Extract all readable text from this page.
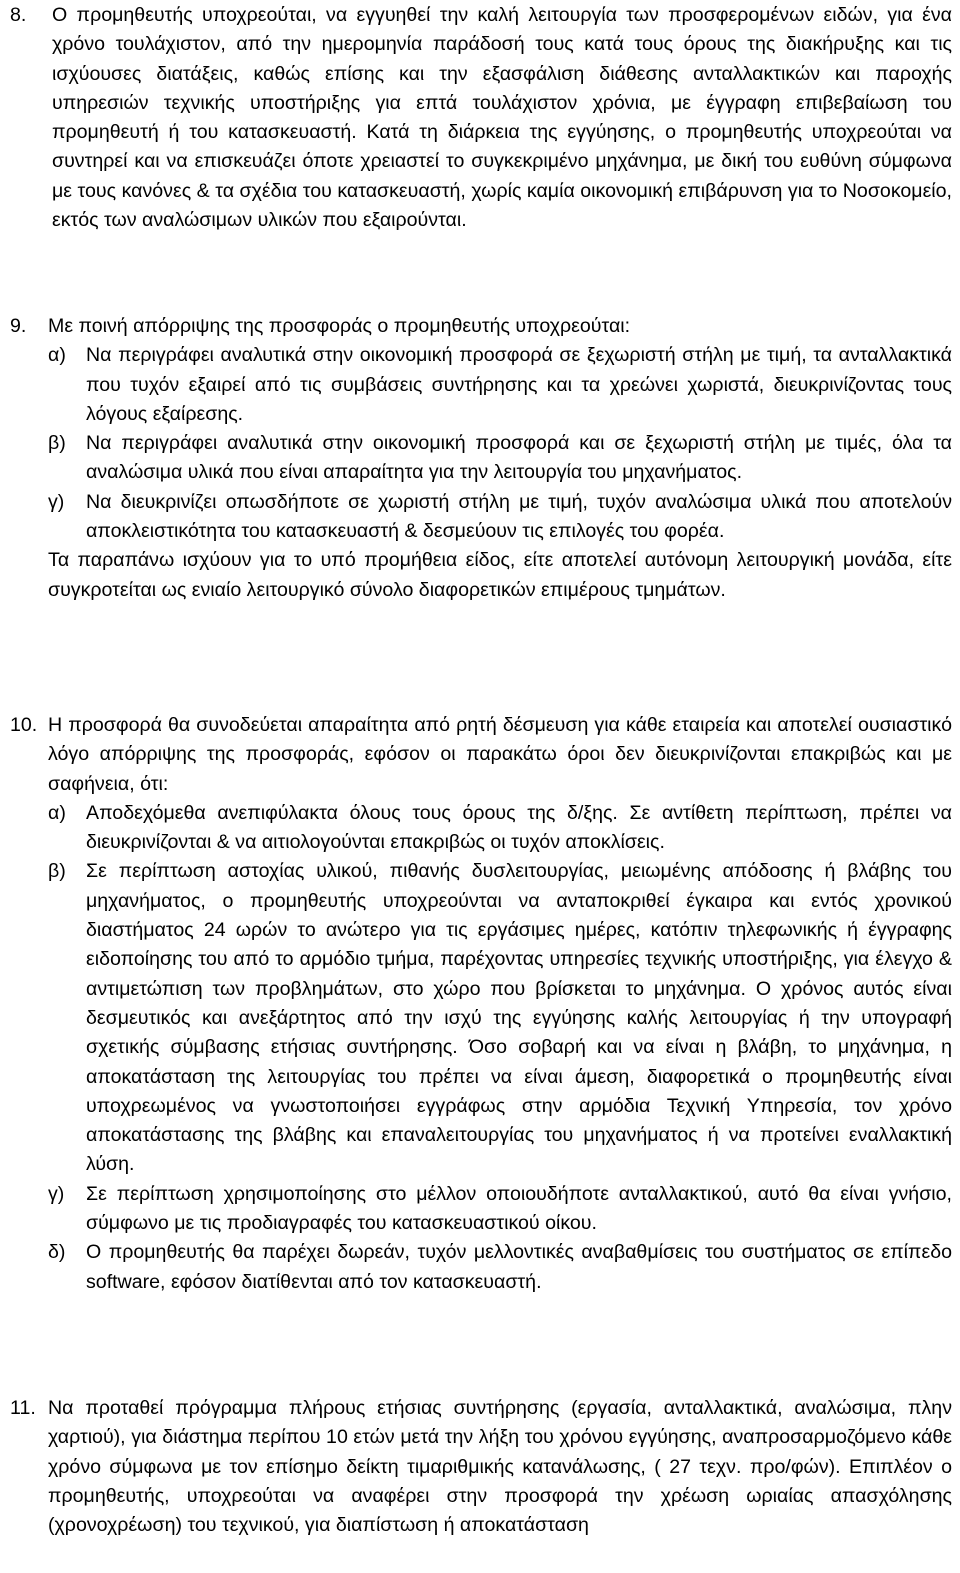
8. Ο προμηθευτής υποχρεούται, να εγγυηθεί την καλή λειτουργία των προσφερομένων ειδών, για ένα χρόνο τουλάχιστον, από την ημερομηνία παράδοσή τους κατά τους όρους της διακήρυξης και τις ισχύουσες διατάξεις, καθώς επίσης και την εξασφάλιση διάθεσης ανταλλακτικών και παροχής υπηρεσιών τεχνικής υποστήριξης για επτά τουλάχιστον χρόνια, με έγγραφη επιβεβαίωση του προμηθευτή ή του κατασκευαστή. Κατά τη διάρκεια της εγγύησης, ο προμηθευτής υποχρεούται να συντηρεί και να επισκευάζει όποτε χρειαστεί το συγκεκριμένο μηχάνημα, με δική του ευθύνη σύμφωνα με τους κανόνες & τα σχέδια του κατασκευαστή, χωρίς καμία οικονομική επιβάρυνση για το Νοσοκομείο, εκτός των αναλώσιμων υλικών που εξαιρούνται.

9. Με ποινή απόρριψης της προσφοράς ο προμηθευτής υποχρεούται:

α) Να περιγράφει αναλυτικά στην οικονομική προσφορά σε ξεχωριστή στήλη με τιμή, τα ανταλλακτικά που τυχόν εξαιρεί από τις συμβάσεις συντήρησης και τα χρεώνει χωριστά, διευκρινίζοντας τους λόγους εξαίρεσης.

β) Να περιγράφει αναλυτικά στην οικονομική προσφορά και σε ξεχωριστή στήλη με τιμές, όλα τα αναλώσιμα υλικά που είναι απαραίτητα για την λειτουργία του μηχανήματος.

γ) Να διευκρινίζει οπωσδήποτε σε χωριστή στήλη με τιμή, τυχόν αναλώσιμα υλικά που αποτελούν αποκλειστικότητα του κατασκευαστή & δεσμεύουν τις επιλογές του φορέα.

Τα παραπάνω ισχύουν για το υπό προμήθεια είδος, είτε αποτελεί αυτόνομη λειτουργική μονάδα, είτε συγκροτείται ως ενιαίο λειτουργικό σύνολο διαφορετικών επιμέρους τμημάτων.

10. Η προσφορά θα συνοδεύεται απαραίτητα από ρητή δέσμευση για κάθε εταιρεία και αποτελεί ουσιαστικό λόγο απόρριψης της προσφοράς, εφόσον οι παρακάτω όροι δεν διευκρινίζονται επακριβώς και με σαφήνεια, ότι:

α) Αποδεχόμεθα ανεπιφύλακτα όλους τους όρους της δ/ξης. Σε αντίθετη περίπτωση, πρέπει να διευκρινίζονται & να αιτιολογούνται επακριβώς οι τυχόν αποκλίσεις.

β) Σε περίπτωση αστοχίας υλικού, πιθανής δυσλειτουργίας, μειωμένης απόδοσης ή βλάβης του μηχανήματος, ο προμηθευτής υποχρεούνται να ανταποκριθεί έγκαιρα και εντός χρονικού διαστήματος 24 ωρών το ανώτερο για τις εργάσιμες ημέρες, κατόπιν τηλεφωνικής ή έγγραφης ειδοποίησης του από το αρμόδιο τμήμα, παρέχοντας υπηρεσίες τεχνικής υποστήριξης, για έλεγχο & αντιμετώπιση των προβλημάτων, στο χώρο που βρίσκεται το μηχάνημα. Ο χρόνος αυτός είναι δεσμευτικός και ανεξάρτητος από την ισχύ της εγγύησης καλής λειτουργίας ή την υπογραφή σχετικής σύμβασης ετήσιας συντήρησης. Όσο σοβαρή και να είναι η βλάβη, το μηχάνημα, η αποκατάσταση της λειτουργίας του πρέπει να είναι άμεση, διαφορετικά ο προμηθευτής είναι υποχρεωμένος να γνωστοποιήσει εγγράφως στην αρμόδια Τεχνική Υπηρεσία, τον χρόνο αποκατάστασης της βλάβης και επαναλειτουργίας του μηχανήματος ή να προτείνει εναλλακτική λύση.

γ) Σε περίπτωση χρησιμοποίησης στο μέλλον οποιουδήποτε ανταλλακτικού, αυτό θα είναι γνήσιο, σύμφωνο με τις προδιαγραφές του κατασκευαστικού οίκου.

δ) Ο προμηθευτής θα παρέχει δωρεάν, τυχόν μελλοντικές αναβαθμίσεις του συστήματος σε επίπεδο software, εφόσον διατίθενται από τον κατασκευαστή.

11. Να προταθεί πρόγραμμα πλήρους ετήσιας συντήρησης (εργασία, ανταλλακτικά, αναλώσιμα, πλην χαρτιού), για διάστημα περίπου 10 ετών μετά την λήξη του χρόνου εγγύησης, αναπροσαρμοζόμενο κάθε χρόνο σύμφωνα με τον επίσημο δείκτη τιμαριθμικής κατανάλωσης, ( 27 τεχν. προ/φών). Επιπλέον ο προμηθευτής, υποχρεούται να αναφέρει στην προσφορά την χρέωση ωριαίας απασχόλησης (χρονοχρέωση) του τεχνικού, για διαπίστωση ή αποκατάσταση
